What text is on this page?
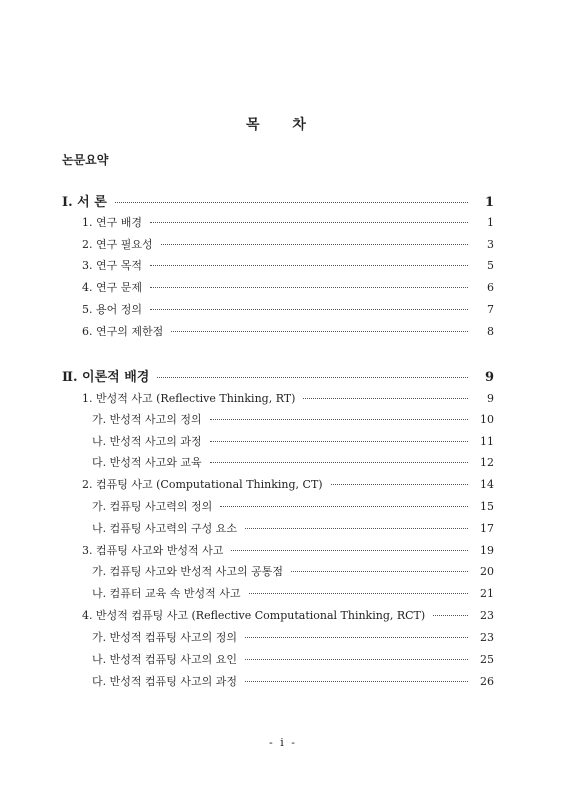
목 차
논문요약
Ⅰ. 서 론	1
1. 연구 배경	1
2. 연구 필요성	3
3. 연구 목적	5
4. 연구 문제	6
5. 용어 정의	7
6. 연구의 제한점	8
Ⅱ. 이론적 배경	9
1. 반성적 사고 (Reflective Thinking, RT)	9
가. 반성적 사고의 정의	10
나. 반성적 사고의 과정	11
다. 반성적 사고와 교육	12
2. 컴퓨팅 사고 (Computational Thinking, CT)	14
가. 컴퓨팅 사고력의 정의	15
나. 컴퓨팅 사고력의 구성 요소	17
3. 컴퓨팅 사고와 반성적 사고	19
가. 컴퓨팅 사고와 반성적 사고의 공통점	20
나. 컴퓨터 교육 속 반성적 사고	21
4. 반성적 컴퓨팅 사고 (Reflective Computational Thinking, RCT)	23
가. 반성적 컴퓨팅 사고의 정의	23
나. 반성적 컴퓨팅 사고의 요인	25
다. 반성적 컴퓨팅 사고의 과정	26
- i -
